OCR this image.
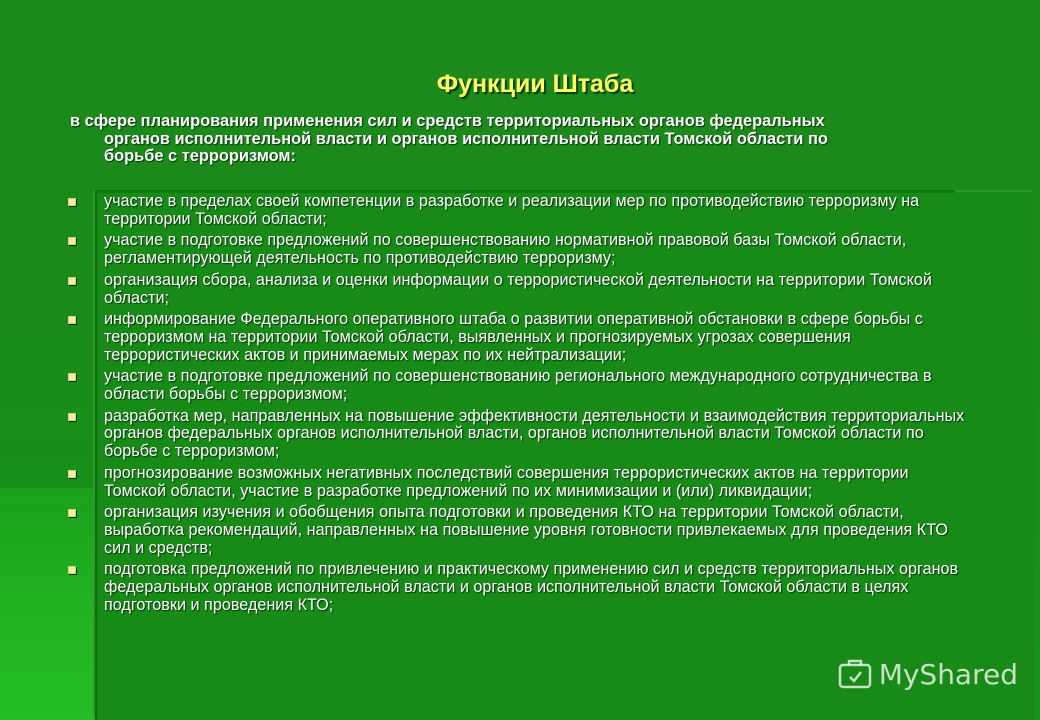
Функции Штаба
в сфере планирования применения сил и средств территориальных органов федеральных
органов исполнительной власти и органов исполнительной власти Томской области по
борьбе с терроризмом:
участие в пределах своей компетенции в разработке и реализации мер по противодействию терроризму на территории Томской области;
участие в подготовке предложений по совершенствованию нормативной правовой базы Томской области, регламентирующей деятельность по противодействию терроризму;
организация сбора, анализа и оценки информации о террористической деятельности на территории Томской области;
информирование Федерального оперативного штаба о развитии оперативной обстановки в сфере борьбы с терроризмом на территории Томской области, выявленных и прогнозируемых угрозах совершения террористических актов и принимаемых мерах по их нейтрализации;
участие в подготовке предложений по совершенствованию регионального международного сотрудничества в области борьбы с терроризмом;
разработка мер, направленных на повышение эффективности деятельности и взаимодействия территориальных органов федеральных органов исполнительной власти, органов исполнительной власти Томской области по борьбе с терроризмом;
прогнозирование возможных негативных последствий совершения террористических актов на территории Томской области, участие в разработке предложений по их минимизации и (или) ликвидации;
организация изучения и обобщения опыта подготовки и проведения КТО на территории Томской области, выработка рекомендаций, направленных на повышение уровня готовности привлекаемых для проведения КТО сил и средств;
подготовка предложений по привлечению и практическому применению сил и средств территориальных органов федеральных органов исполнительной власти и органов исполнительной власти Томской области в целях подготовки и проведения КТО;
MyShared
